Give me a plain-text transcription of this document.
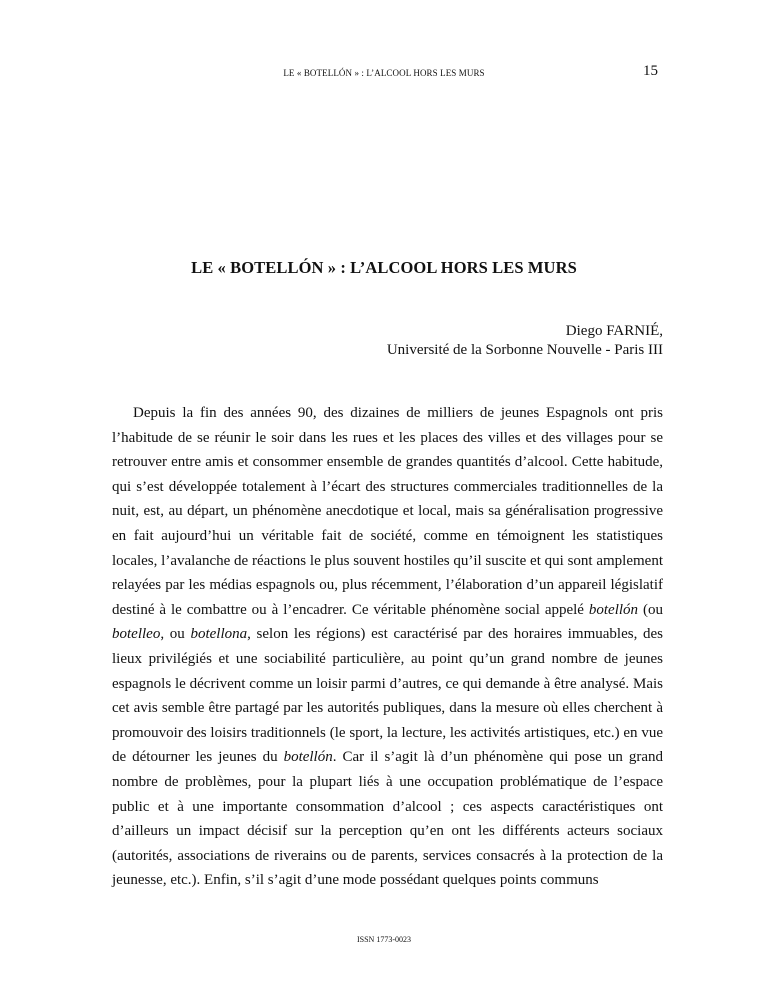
LE « BOTELLÓN » : L’ALCOOL HORS LES MURS	15
LE « BOTELLÓN » : L’ALCOOL HORS LES MURS
Diego FARNIÉ,
Université de la Sorbonne Nouvelle - Paris III

Depuis la fin des années 90, des dizaines de milliers de jeunes Espagnols ont pris l’habitude de se réunir le soir dans les rues et les places des villes et des villages pour se retrouver entre amis et consommer ensemble de grandes quantités d’alcool. Cette habitude, qui s’est développée totalement à l’écart des structures commerciales traditionnelles de la nuit, est, au départ, un phénomène anecdotique et local, mais sa généralisation progressive en fait aujourd’hui un véritable fait de société, comme en témoignent les statistiques locales, l’avalanche de réactions le plus souvent hostiles qu’il suscite et qui sont amplement relayées par les médias espagnols ou, plus récemment, l’élaboration d’un appareil législatif destiné à le combattre ou à l’encadrer. Ce véritable phénomène social appelé botellón (ou botelleo, ou botellona, selon les régions) est caractérisé par des horaires immuables, des lieux privilégiés et une sociabilité particulière, au point qu’un grand nombre de jeunes espagnols le décrivent comme un loisir parmi d’autres, ce qui demande à être analysé. Mais cet avis semble être partagé par les autorités publiques, dans la mesure où elles cherchent à promouvoir des loisirs traditionnels (le sport, la lecture, les activités artistiques, etc.) en vue de détourner les jeunes du botellón. Car il s’agit là d’un phénomène qui pose un grand nombre de problèmes, pour la plupart liés à une occupation problématique de l’espace public et à une importante consommation d’alcool ; ces aspects caractéristiques ont d’ailleurs un impact décisif sur la perception qu’en ont les différents acteurs sociaux (autorités, associations de riverains ou de parents, services consacrés à la protection de la jeunesse, etc.). Enfin, s’il s’agit d’une mode possédant quelques points communs

ISSN 1773-0023
